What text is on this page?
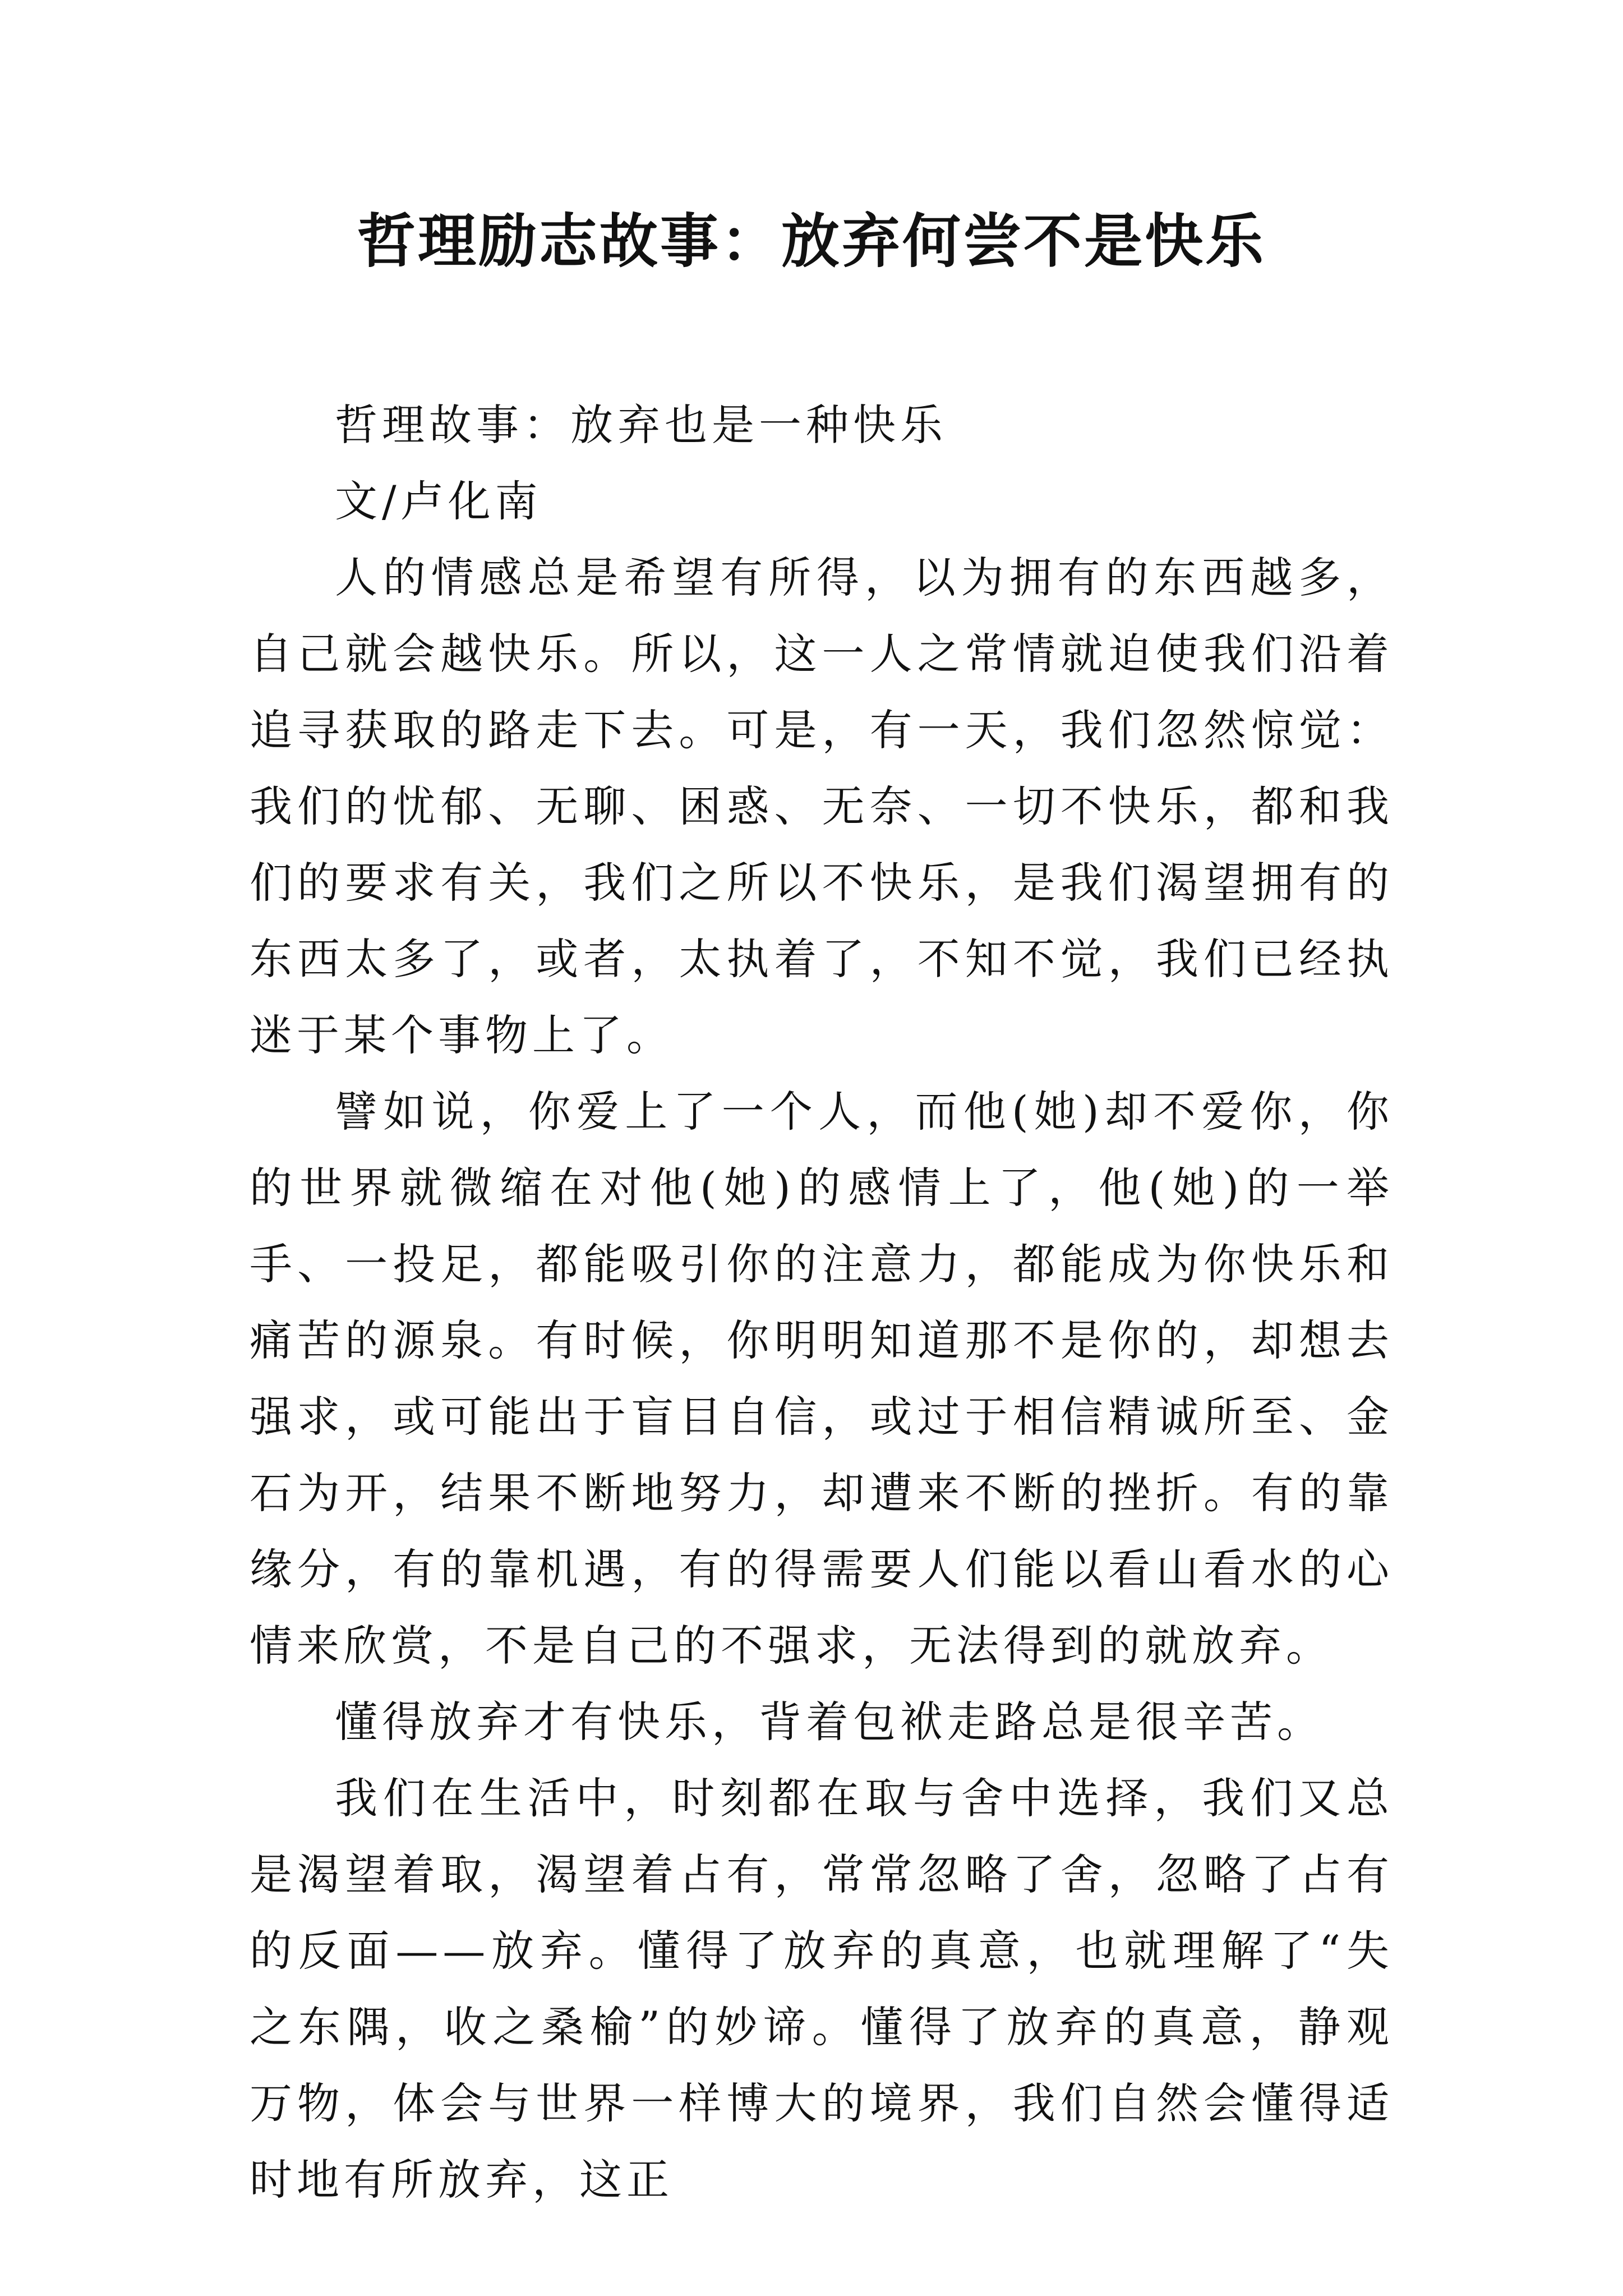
哲理励志故事：放弃何尝不是快乐

哲理故事：放弃也是一种快乐

文/卢化南

人的情感总是希望有所得，以为拥有的东西越多，自己就会越快乐。所以，这一人之常情就迫使我们沿着追寻获取的路走下去。可是，有一天，我们忽然惊觉：我们的忧郁、无聊、困惑、无奈、一切不快乐，都和我们的要求有关，我们之所以不快乐，是我们渴望拥有的东西太多了，或者，太执着了，不知不觉，我们已经执迷于某个事物上了。

譬如说，你爱上了一个人，而他(她)却不爱你，你的世界就微缩在对他(她)的感情上了，他(她)的一举手、一投足，都能吸引你的注意力，都能成为你快乐和痛苦的源泉。有时候，你明明知道那不是你的，却想去强求，或可能出于盲目自信，或过于相信精诚所至、金石为开，结果不断地努力，却遭来不断的挫折。有的靠缘分，有的靠机遇，有的得需要人们能以看山看水的心情来欣赏，不是自己的不强求，无法得到的就放弃。

懂得放弃才有快乐，背着包袱走路总是很辛苦。

我们在生活中，时刻都在取与舍中选择，我们又总是渴望着取，渴望着占有，常常忽略了舍，忽略了占有的反面——放弃。懂得了放弃的真意，也就理解了“失之东隅，收之桑榆”的妙谛。懂得了放弃的真意，静观万物，体会与世界一样博大的境界，我们自然会懂得适时地有所放弃，这正
